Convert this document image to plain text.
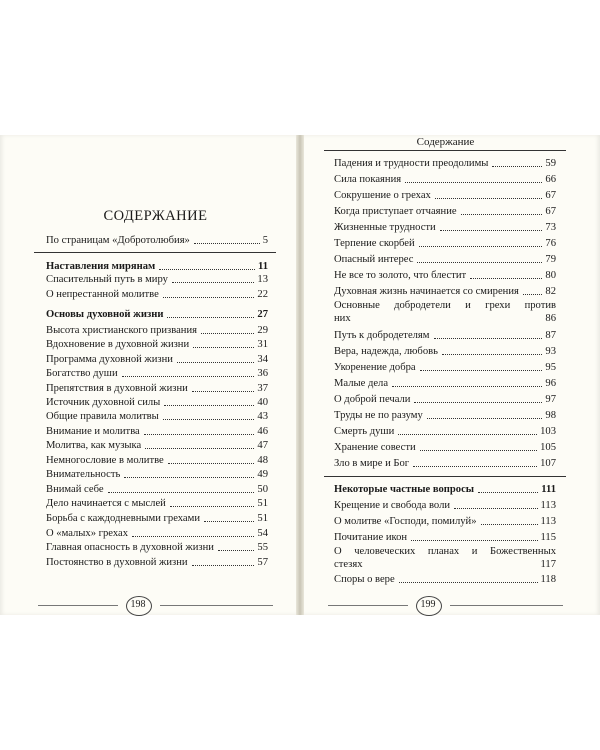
СОДЕРЖАНИЕ
Содержание
По страницам «Добротолюбия»	5
Наставления мирянам	11
Спасительный путь в миру	13
О непрестанной молитве	22
Основы духовной жизни	27
Высота христианского призвания	29
Вдохновение в духовной жизни	31
Программа духовной жизни	34
Богатство души	36
Препятствия в духовной жизни	37
Источник духовной силы	40
Общие правила молитвы	43
Внимание и молитва	46
Молитва, как музыка	47
Немногословие в молитве	48
Внимательность	49
Внимай себе	50
Дело начинается с мыслей	51
Борьба с каждодневными грехами	51
О «малых» грехах	54
Главная опасность в духовной жизни	55
Постоянство в духовной жизни	57
Падения и трудности преодолимы	59
Сила покаяния	66
Сокрушение о грехах	67
Когда приступает отчаяние	67
Жизненные трудности	73
Терпение скорбей	76
Опасный интерес	79
Не все то золото, что блестит	80
Духовная жизнь начинается со смирения	82
Основные добродетели и грехи против
них	86
Путь к добродетелям	87
Вера, надежда, любовь	93
Укоренение добра	95
Малые дела	96
О доброй печали	97
Труды не по разуму	98
Смерть души	103
Хранение совести	105
Зло в мире и Бог	107
Некоторые частные вопросы	111
Крещение и свобода воли	113
О молитве «Господи, помилуй»	113
Почитание икон	115
О человеческих планах и Божественных
стезях	117
Споры о вере	118
198	199
